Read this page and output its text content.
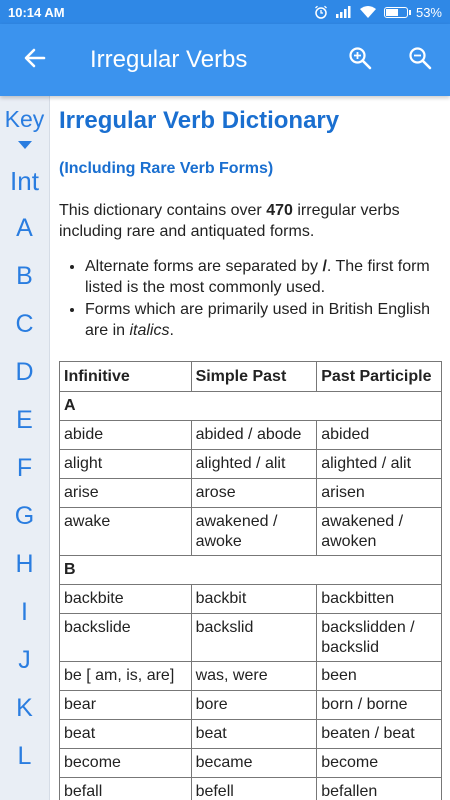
10:14 AM	53%
Irregular Verbs
Key
Int
A
B
C
D
E
F
G
H
I
J
K
L
Irregular Verb Dictionary
(Including Rare Verb Forms)

This dictionary contains over 470 irregular verbs including rare and antiquated forms.

• Alternate forms are separated by /. The first form listed is the most commonly used.
• Forms which are primarily used in British English are in italics.
Infinitive	Simple Past	Past Participle
A		
abide	abided / abode	abided
alight	alighted / alit	alighted / alit
arise	arose	arisen
awake	awakened / awoke	awakened / awoken
B		
backbite	backbit	backbitten
backslide	backslid	backslidden / backslid
be [ am, is, are]	was, were	been
bear	bore	born / borne
beat	beat	beaten / beat
become	became	become
befall	befell	befallen
